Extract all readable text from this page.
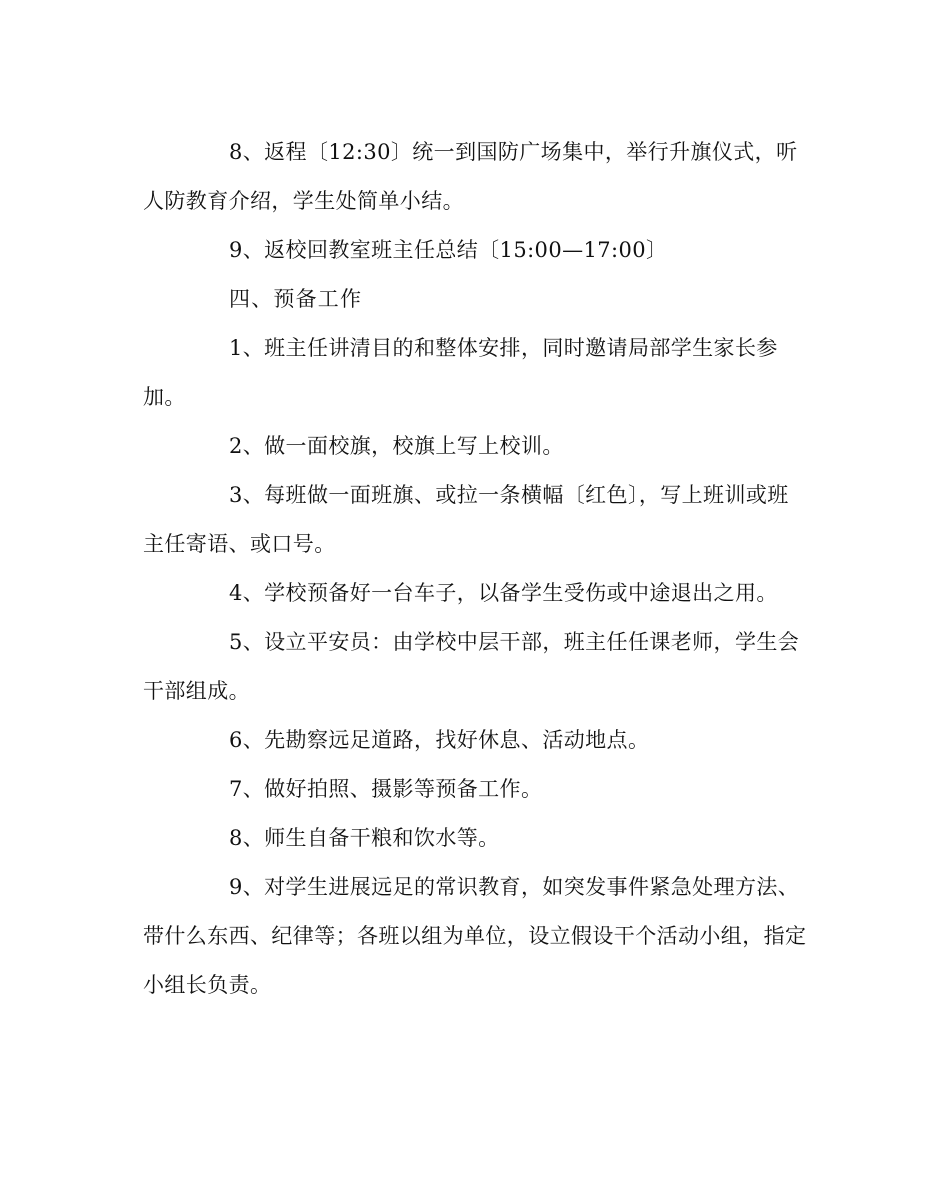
8、返程〔12:30〕统一到国防广场集中，举行升旗仪式，听人防教育介绍，学生处简单小结。

9、返校回教室班主任总结〔15:00—17:00〕

四、预备工作

1、班主任讲清目的和整体安排，同时邀请局部学生家长参加。

2、做一面校旗，校旗上写上校训。

3、每班做一面班旗、或拉一条横幅〔红色〕，写上班训或班主任寄语、或口号。

4、学校预备好一台车子，以备学生受伤或中途退出之用。

5、设立平安员：由学校中层干部，班主任任课老师，学生会干部组成。

6、先勘察远足道路，找好休息、活动地点。

7、做好拍照、摄影等预备工作。

8、师生自备干粮和饮水等。

9、对学生进展远足的常识教育，如突发事件紧急处理方法、带什么东西、纪律等；各班以组为单位，设立假设干个活动小组，指定小组长负责。
